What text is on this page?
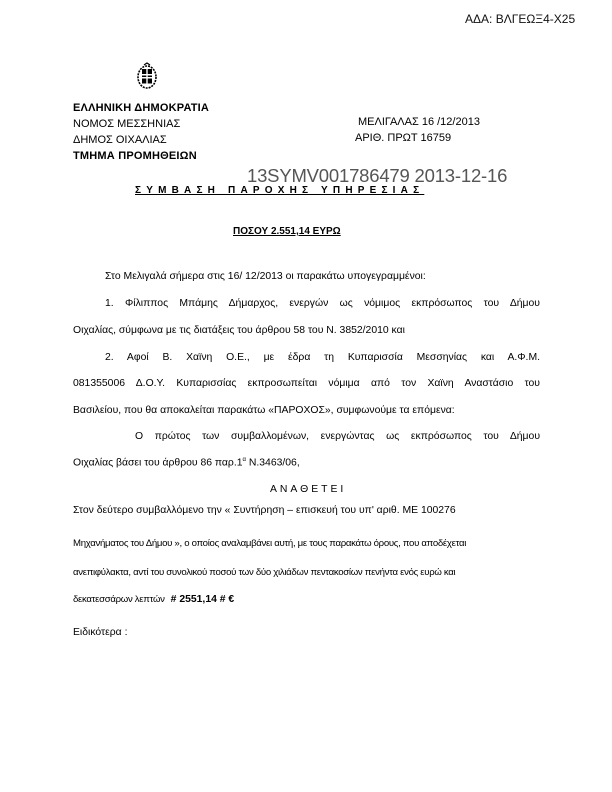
ΑΔΑ: ΒΛΓΕΩΞ4-Χ25
ΕΛΛΗΝΙΚΗ ΔΗΜΟΚΡΑΤΙΑ
ΝΟΜΟΣ ΜΕΣΣΗΝΙΑΣ
ΔΗΜΟΣ ΟΙΧΑΛΙΑΣ
ΤΜΗΜΑ ΠΡΟΜΗΘΕΙΩΝ
ΜΕΛΙΓΑΛΑΣ 16 /12/2013
ΑΡΙΘ. ΠΡΩΤ 16759
13SYMV001786479 2013-12-16
ΣΥΜΒΑΣΗ ΠΑΡΟΧΗΣ ΥΠΗΡΕΣΙΑΣ
ΠΟΣΟΥ 2.551,14 ΕΥΡΩ
Στο Μελιγαλά σήμερα στις 16/ 12/2013 οι παρακάτω υπογεγραμμένοι:
1. Φίλιππος Μπάμης Δήμαρχος, ενεργών ως νόμιμος εκπρόσωπος του Δήμου
Οιχαλίας, σύμφωνα με τις διατάξεις του άρθρου 58 του Ν. 3852/2010 και
2. Αφοί Β. Χαϊνη Ο.Ε., με έδρα τη Κυπαρισσία Μεσσηνίας και Α.Φ.Μ.
081355006 Δ.Ο.Υ. Κυπαρισσίας εκπροσωπείται νόμιμα από τον Χαϊνη Αναστάσιο του
Βασιλείου, που θα αποκαλείται παρακάτω «ΠΑΡΟΧΟΣ», συμφωνούμε τα επόμενα:
Ο πρώτος των συμβαλλομένων, ενεργώντας ως εκπρόσωπος του Δήμου
Οιχαλίας βάσει του άρθρου 86 $\pi\alpha\rho.1^\alpha$ Ν.3463/06,
ΑΝΑΘΕΤΕΙ
Στον δεύτερο συμβαλλόμενο την « Συντήρηση – επισκευή του υπ' αριθ. ΜΕ 100276
Μηχανήματος του Δήμου », ο οποίος αναλαμβάνει αυτή, με τους παρακάτω όρους, που αποδέχεται
ανεπιφύλακτα, αντί του συνολικού ποσού των δύο χιλιάδων πεντακοσίων πενήντα ενός ευρώ και
δεκατεσσάρων λεπτών # 2551,14 # €
Ειδικότερα :
